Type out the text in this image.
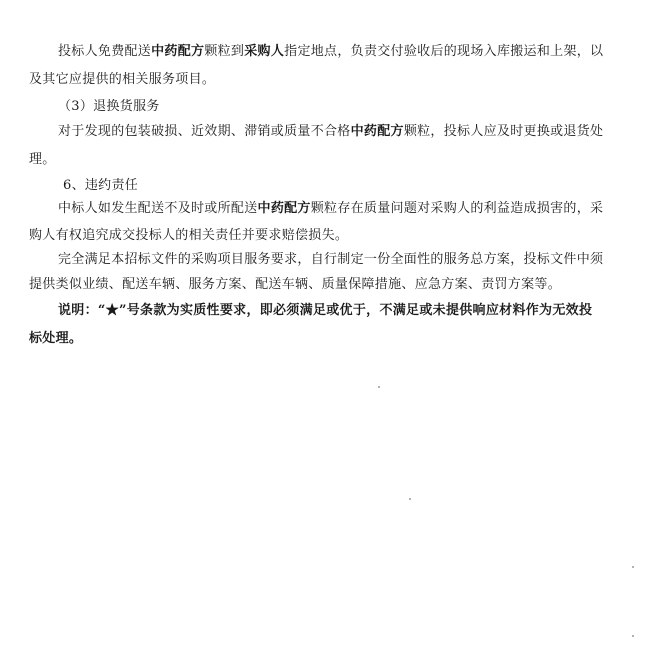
投标人免费配送中药配方颗粒到采购人指定地点，负责交付验收后的现场入库搬运和上架，以
及其它应提供的相关服务项目。
（3）退换货服务
对于发现的包装破损、近效期、滞销或质量不合格中药配方颗粒，投标人应及时更换或退货处
理。
6、违约责任
中标人如发生配送不及时或所配送中药配方颗粒存在质量问题对采购人的利益造成损害的，采
购人有权追究成交投标人的相关责任并要求赔偿损失。
完全满足本招标文件的采购项目服务要求，自行制定一份全面性的服务总方案，投标文件中须
提供类似业绩、配送车辆、服务方案、配送车辆、质量保障措施、应急方案、责罚方案等。
说明：“★”号条款为实质性要求，即必须满足或优于，不满足或未提供响应材料作为无效投
标处理。
